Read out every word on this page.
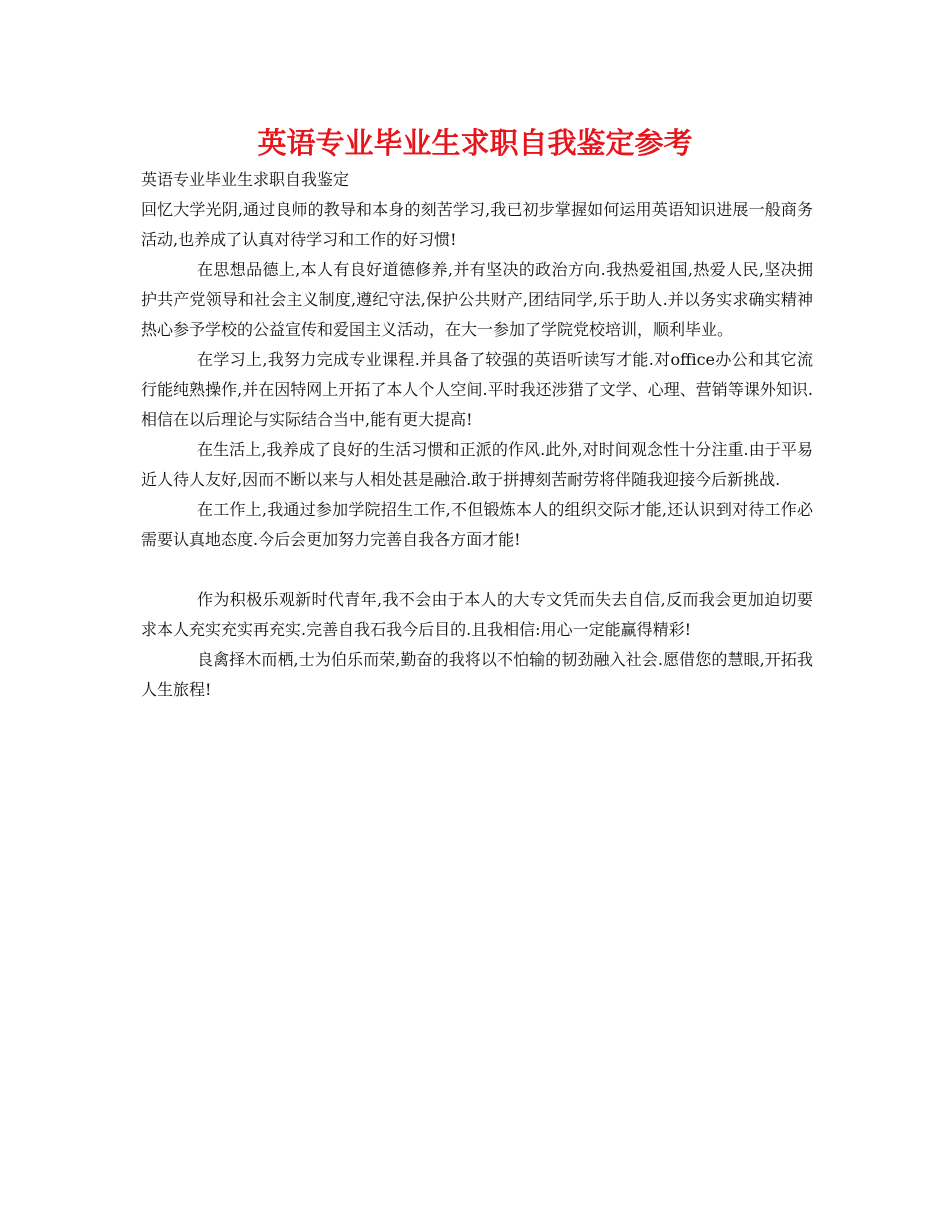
英语专业毕业生求职自我鉴定参考

英语专业毕业生求职自我鉴定

回忆大学光阴,通过良师的教导和本身的刻苦学习,我已初步掌握如何运用英语知识进展一般商务活动,也养成了认真对待学习和工作的好习惯!

在思想品德上,本人有良好道德修养,并有坚决的政治方向.我热爱祖国,热爱人民,坚决拥护共产党领导和社会主义制度,遵纪守法,保护公共财产,团结同学,乐于助人.并以务实求确实精神热心参予学校的公益宣传和爱国主义活动，在大一参加了学院党校培训，顺利毕业。

在学习上,我努力完成专业课程.并具备了较强的英语听读写才能.对office办公和其它流行能纯熟操作,并在因特网上开拓了本人个人空间.平时我还涉猎了文学、心理、营销等课外知识.相信在以后理论与实际结合当中,能有更大提高!

在生活上,我养成了良好的生活习惯和正派的作风.此外,对时间观念性十分注重.由于平易近人待人友好,因而不断以来与人相处甚是融洽.敢于拼搏刻苦耐劳将伴随我迎接今后新挑战.

在工作上,我通过参加学院招生工作,不但锻炼本人的组织交际才能,还认识到对待工作必需要认真地态度.今后会更加努力完善自我各方面才能!

作为积极乐观新时代青年,我不会由于本人的大专文凭而失去自信,反而我会更加迫切要求本人充实充实再充实.完善自我石我今后目的.且我相信:用心一定能赢得精彩!

良禽择木而栖,士为伯乐而荣,勤奋的我将以不怕输的韧劲融入社会.愿借您的慧眼,开拓我人生旅程!
